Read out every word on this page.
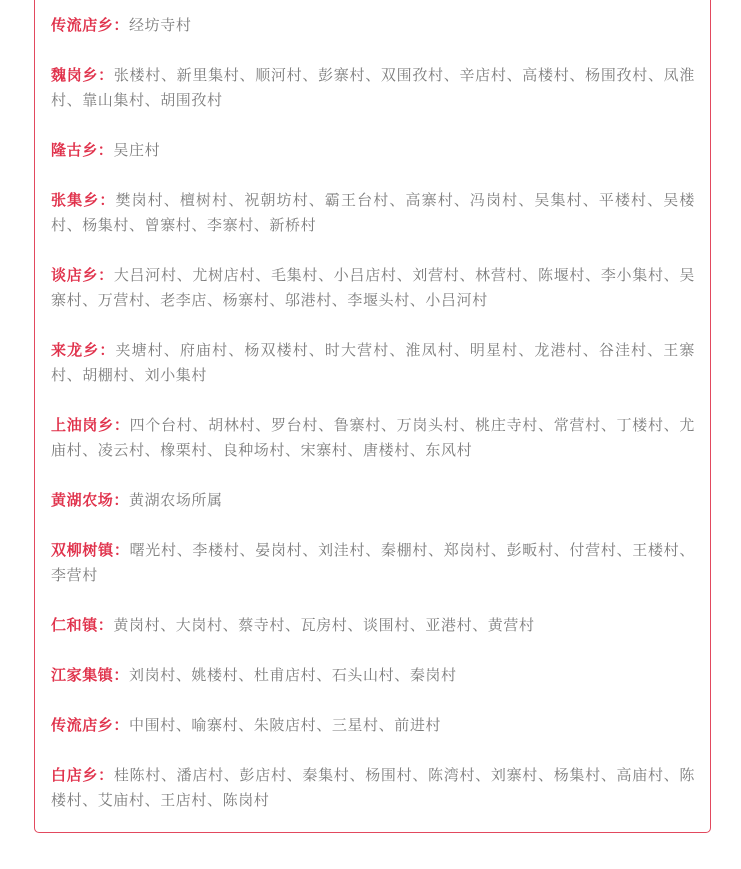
传流店乡：经坊寺村

魏岗乡：张楼村、新里集村、顺河村、彭寨村、双围孜村、辛店村、高楼村、杨围孜村、凤淮村、靠山集村、胡围孜村

隆古乡：吴庄村

张集乡：樊岗村、檀树村、祝朝坊村、霸王台村、高寨村、冯岗村、吴集村、平楼村、吴楼村、杨集村、曾寨村、李寨村、新桥村

谈店乡：大吕河村、尤树店村、毛集村、小吕店村、刘营村、林营村、陈堰村、李小集村、吴寨村、万营村、老李店、杨寨村、邬港村、李堰头村、小吕河村

来龙乡：夹塘村、府庙村、杨双楼村、时大营村、淮凤村、明星村、龙港村、谷洼村、王寨村、胡棚村、刘小集村

上油岗乡：四个台村、胡林村、罗台村、鲁寨村、万岗头村、桃庄寺村、常营村、丁楼村、尤庙村、凌云村、橡栗村、良种场村、宋寨村、唐楼村、东风村

黄湖农场：黄湖农场所属

双柳树镇：曙光村、李楼村、晏岗村、刘洼村、秦棚村、郑岗村、彭畈村、付营村、王楼村、李营村

仁和镇：黄岗村、大岗村、蔡寺村、瓦房村、谈围村、亚港村、黄营村

江家集镇：刘岗村、姚楼村、杜甫店村、石头山村、秦岗村

传流店乡：中围村、喻寨村、朱陂店村、三星村、前进村

白店乡：桂陈村、潘店村、彭店村、秦集村、杨围村、陈湾村、刘寨村、杨集村、高庙村、陈楼村、艾庙村、王店村、陈岗村
